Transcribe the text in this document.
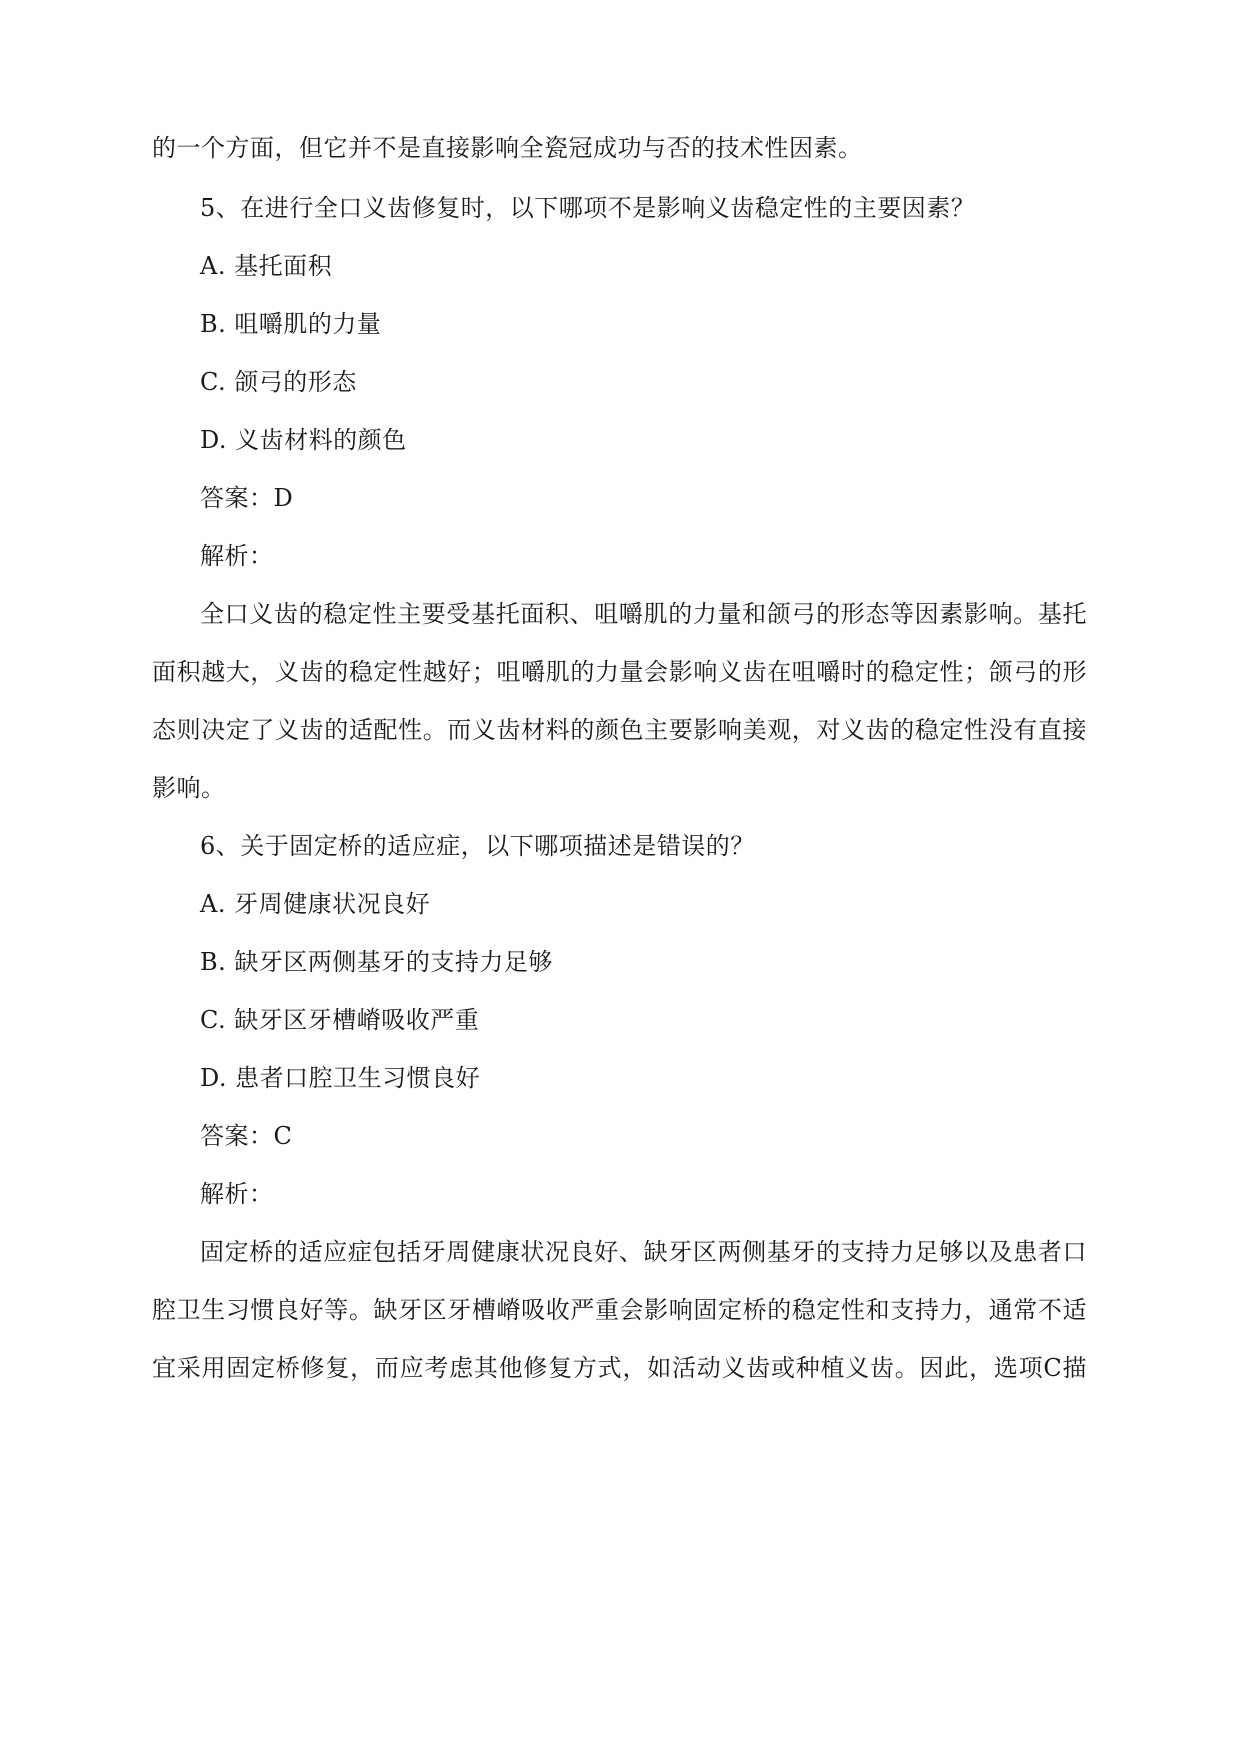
的一个方面，但它并不是直接影响全瓷冠成功与否的技术性因素。
5、在进行全口义齿修复时，以下哪项不是影响义齿稳定性的主要因素？
A. 基托面积
B. 咀嚼肌的力量
C. 颌弓的形态
D. 义齿材料的颜色
答案：D
解析：
全口义齿的稳定性主要受基托面积、咀嚼肌的力量和颌弓的形态等因素影响。基托
面积越大，义齿的稳定性越好；咀嚼肌的力量会影响义齿在咀嚼时的稳定性；颌弓的形
态则决定了义齿的适配性。而义齿材料的颜色主要影响美观，对义齿的稳定性没有直接
影响。
6、关于固定桥的适应症，以下哪项描述是错误的？
A. 牙周健康状况良好
B. 缺牙区两侧基牙的支持力足够
C. 缺牙区牙槽嵴吸收严重
D. 患者口腔卫生习惯良好
答案：C
解析：
固定桥的适应症包括牙周健康状况良好、缺牙区两侧基牙的支持力足够以及患者口
腔卫生习惯良好等。缺牙区牙槽嵴吸收严重会影响固定桥的稳定性和支持力，通常不适
宜采用固定桥修复，而应考虑其他修复方式，如活动义齿或种植义齿。因此，选项C描
